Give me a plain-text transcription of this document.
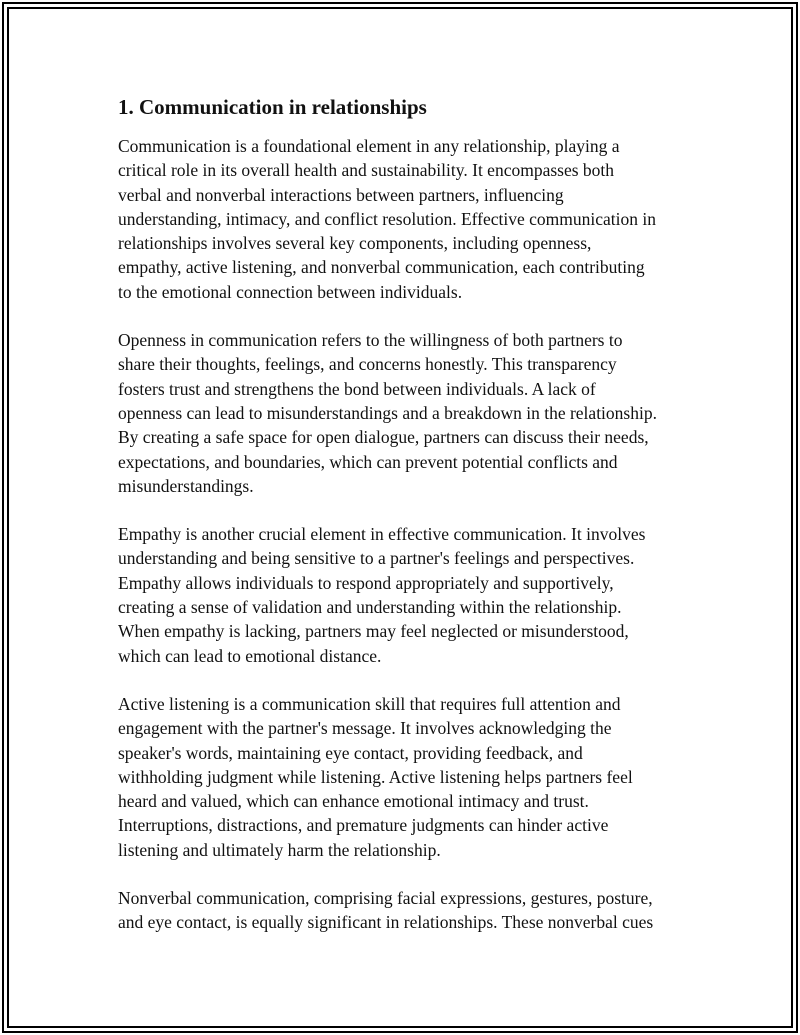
1. Communication in relationships

Communication is a foundational element in any relationship, playing a
critical role in its overall health and sustainability. It encompasses both
verbal and nonverbal interactions between partners, influencing
understanding, intimacy, and conflict resolution. Effective communication in
relationships involves several key components, including openness,
empathy, active listening, and nonverbal communication, each contributing
to the emotional connection between individuals.

Openness in communication refers to the willingness of both partners to
share their thoughts, feelings, and concerns honestly. This transparency
fosters trust and strengthens the bond between individuals. A lack of
openness can lead to misunderstandings and a breakdown in the relationship.
By creating a safe space for open dialogue, partners can discuss their needs,
expectations, and boundaries, which can prevent potential conflicts and
misunderstandings.

Empathy is another crucial element in effective communication. It involves
understanding and being sensitive to a partner's feelings and perspectives.
Empathy allows individuals to respond appropriately and supportively,
creating a sense of validation and understanding within the relationship.
When empathy is lacking, partners may feel neglected or misunderstood,
which can lead to emotional distance.

Active listening is a communication skill that requires full attention and
engagement with the partner's message. It involves acknowledging the
speaker's words, maintaining eye contact, providing feedback, and
withholding judgment while listening. Active listening helps partners feel
heard and valued, which can enhance emotional intimacy and trust.
Interruptions, distractions, and premature judgments can hinder active
listening and ultimately harm the relationship.

Nonverbal communication, comprising facial expressions, gestures, posture,
and eye contact, is equally significant in relationships. These nonverbal cues
